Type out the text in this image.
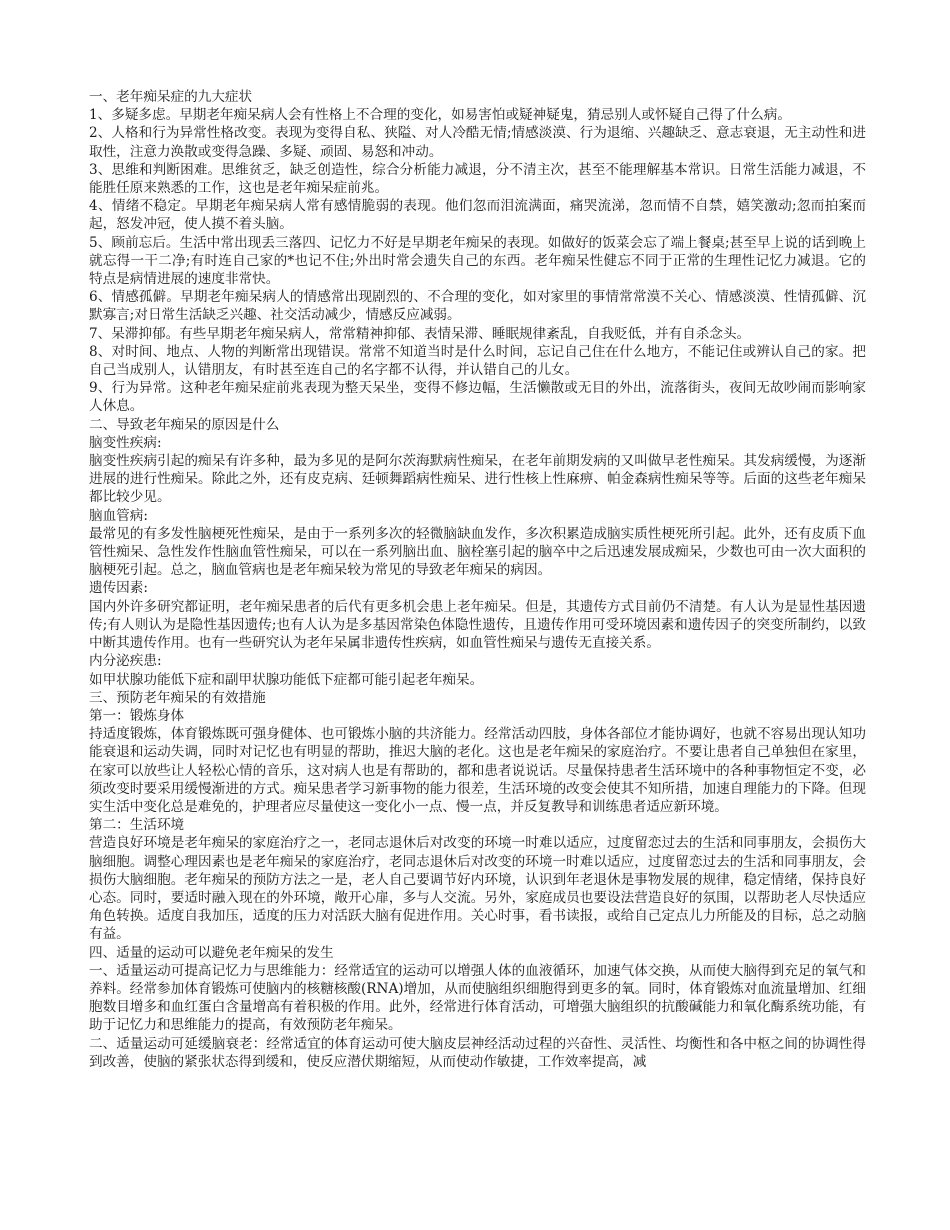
一、老年痴呆症的九大症状

1、多疑多虑。早期老年痴呆病人会有性格上不合理的变化，如易害怕或疑神疑鬼，猜忌别人或怀疑自己得了什么病。

2、人格和行为异常性格改变。表现为变得自私、狭隘、对人冷酷无情;情感淡漠、行为退缩、兴趣缺乏、意志衰退，无主动性和进取性，注意力涣散或变得急躁、多疑、顽固、易怒和冲动。

3、思维和判断困难。思维贫乏，缺乏创造性，综合分析能力减退，分不清主次，甚至不能理解基本常识。日常生活能力减退，不能胜任原来熟悉的工作，这也是老年痴呆症前兆。

4、情绪不稳定。早期老年痴呆病人常有感情脆弱的表现。他们忽而泪流满面，痛哭流涕，忽而情不自禁，嬉笑激动;忽而拍案而起，怒发冲冠，使人摸不着头脑。

5、顾前忘后。生活中常出现丢三落四、记忆力不好是早期老年痴呆的表现。如做好的饭菜会忘了端上餐桌;甚至早上说的话到晚上就忘得一干二净;有时连自己家的*也记不住;外出时常会遗失自己的东西。老年痴呆性健忘不同于正常的生理性记忆力减退。它的特点是病情进展的速度非常快。

6、情感孤僻。早期老年痴呆病人的情感常出现剧烈的、不合理的变化，如对家里的事情常常漠不关心、情感淡漠、性情孤僻、沉默寡言;对日常生活缺乏兴趣、社交活动减少，情感反应减弱。

7、呆滞抑郁。有些早期老年痴呆病人，常常精神抑郁、表情呆滞、睡眠规律紊乱，自我贬低，并有自杀念头。

8、对时间、地点、人物的判断常出现错误。常常不知道当时是什么时间，忘记自己住在什么地方，不能记住或辨认自己的家。把自己当成别人，认错朋友，有时甚至连自己的名字都不认得，并认错自己的儿女。

9、行为异常。这种老年痴呆症前兆表现为整天呆坐，变得不修边幅，生活懒散或无目的外出，流落街头，夜间无故吵闹而影响家人休息。

二、导致老年痴呆的原因是什么

脑变性疾病:

脑变性疾病引起的痴呆有许多种，最为多见的是阿尔茨海默病性痴呆，在老年前期发病的又叫做早老性痴呆。其发病缓慢，为逐渐进展的进行性痴呆。除此之外，还有皮克病、廷顿舞蹈病性痴呆、进行性核上性麻痹、帕金森病性痴呆等等。后面的这些老年痴呆都比较少见。

脑血管病:

最常见的有多发性脑梗死性痴呆，是由于一系列多次的轻微脑缺血发作，多次积累造成脑实质性梗死所引起。此外，还有皮质下血管性痴呆、急性发作性脑血管性痴呆，可以在一系列脑出血、脑栓塞引起的脑卒中之后迅速发展成痴呆，少数也可由一次大面积的脑梗死引起。总之，脑血管病也是老年痴呆较为常见的导致老年痴呆的病因。

遗传因素:

国内外许多研究都证明，老年痴呆患者的后代有更多机会患上老年痴呆。但是，其遗传方式目前仍不清楚。有人认为是显性基因遗传;有人则认为是隐性基因遗传;也有人认为是多基因常染色体隐性遗传，且遗传作用可受环境因素和遗传因子的突变所制约，以致中断其遗传作用。也有一些研究认为老年呆属非遗传性疾病，如血管性痴呆与遗传无直接关系。

内分泌疾患:

如甲状腺功能低下症和副甲状腺功能低下症都可能引起老年痴呆。

三、预防老年痴呆的有效措施

第一：锻炼身体

持适度锻炼，体育锻炼既可强身健体、也可锻炼小脑的共济能力。经常活动四肢，身体各部位才能协调好，也就不容易出现认知功能衰退和运动失调，同时对记忆也有明显的帮助，推迟大脑的老化。这也是老年痴呆的家庭治疗。不要让患者自己单独但在家里，在家可以放些让人轻松心情的音乐，这对病人也是有帮助的，都和患者说说话。尽量保持患者生活环境中的各种事物恒定不变，必须改变时要采用缓慢渐进的方式。痴呆患者学习新事物的能力很差，生活环境的改变会使其不知所措，加速自理能力的下降。但现实生活中变化总是难免的，护理者应尽量使这一变化小一点、慢一点，并反复教导和训练患者适应新环境。

第二：生活环境

营造良好环境是老年痴呆的家庭治疗之一，老同志退休后对改变的环境一时难以适应，过度留恋过去的生活和同事朋友，会损伤大脑细胞。调整心理因素也是老年痴呆的家庭治疗，老同志退休后对改变的环境一时难以适应，过度留恋过去的生活和同事朋友，会损伤大脑细胞。老年痴呆的预防方法之一是，老人自己要调节好内环境，认识到年老退休是事物发展的规律，稳定情绪，保持良好心态。同时，要适时融入现在的外环境，敞开心扉，多与人交流。另外，家庭成员也要设法营造良好的氛围，以帮助老人尽快适应角色转换。适度自我加压，适度的压力对活跃大脑有促进作用。关心时事，看书读报，或给自己定点儿力所能及的目标，总之动脑有益。

四、适量的运动可以避免老年痴呆的发生

一、适量运动可提高记忆力与思维能力：经常适宜的运动可以增强人体的血液循环，加速气体交换，从而使大脑得到充足的氧气和养料。经常参加体育锻炼可使脑内的核糖核酸(RNA)增加，从而使脑组织细胞得到更多的氧。同时，体育锻炼对血流量增加、红细胞数目增多和血红蛋白含量增高有着积极的作用。此外，经常进行体育活动，可增强大脑组织的抗酸碱能力和氧化酶系统功能，有助于记忆力和思维能力的提高，有效预防老年痴呆。

二、适量运动可延缓脑衰老：经常适宜的体育运动可使大脑皮层神经活动过程的兴奋性、灵活性、均衡性和各中枢之间的协调性得到改善，使脑的紧张状态得到缓和，使反应潜伏期缩短，从而使动作敏捷，工作效率提高，减
